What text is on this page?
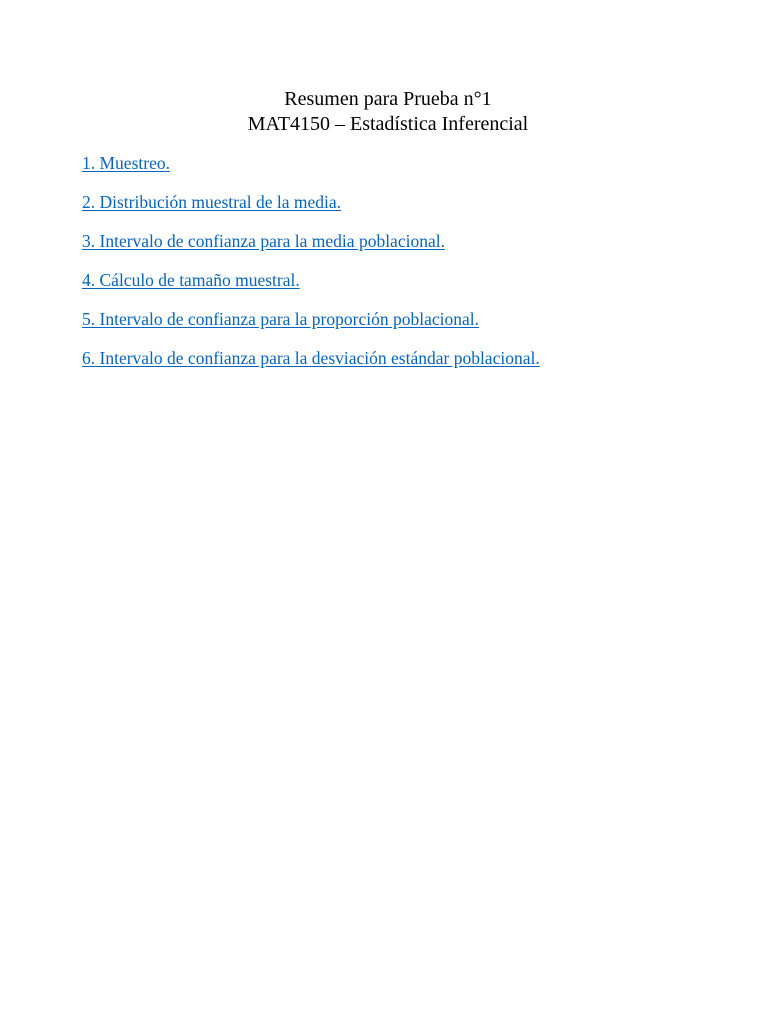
Resumen para Prueba n°1
MAT4150 – Estadística Inferencial
1. Muestreo.
2. Distribución muestral de la media.
3. Intervalo de confianza para la media poblacional.
4. Cálculo de tamaño muestral.
5. Intervalo de confianza para la proporción poblacional.
6. Intervalo de confianza para la desviación estándar poblacional.
